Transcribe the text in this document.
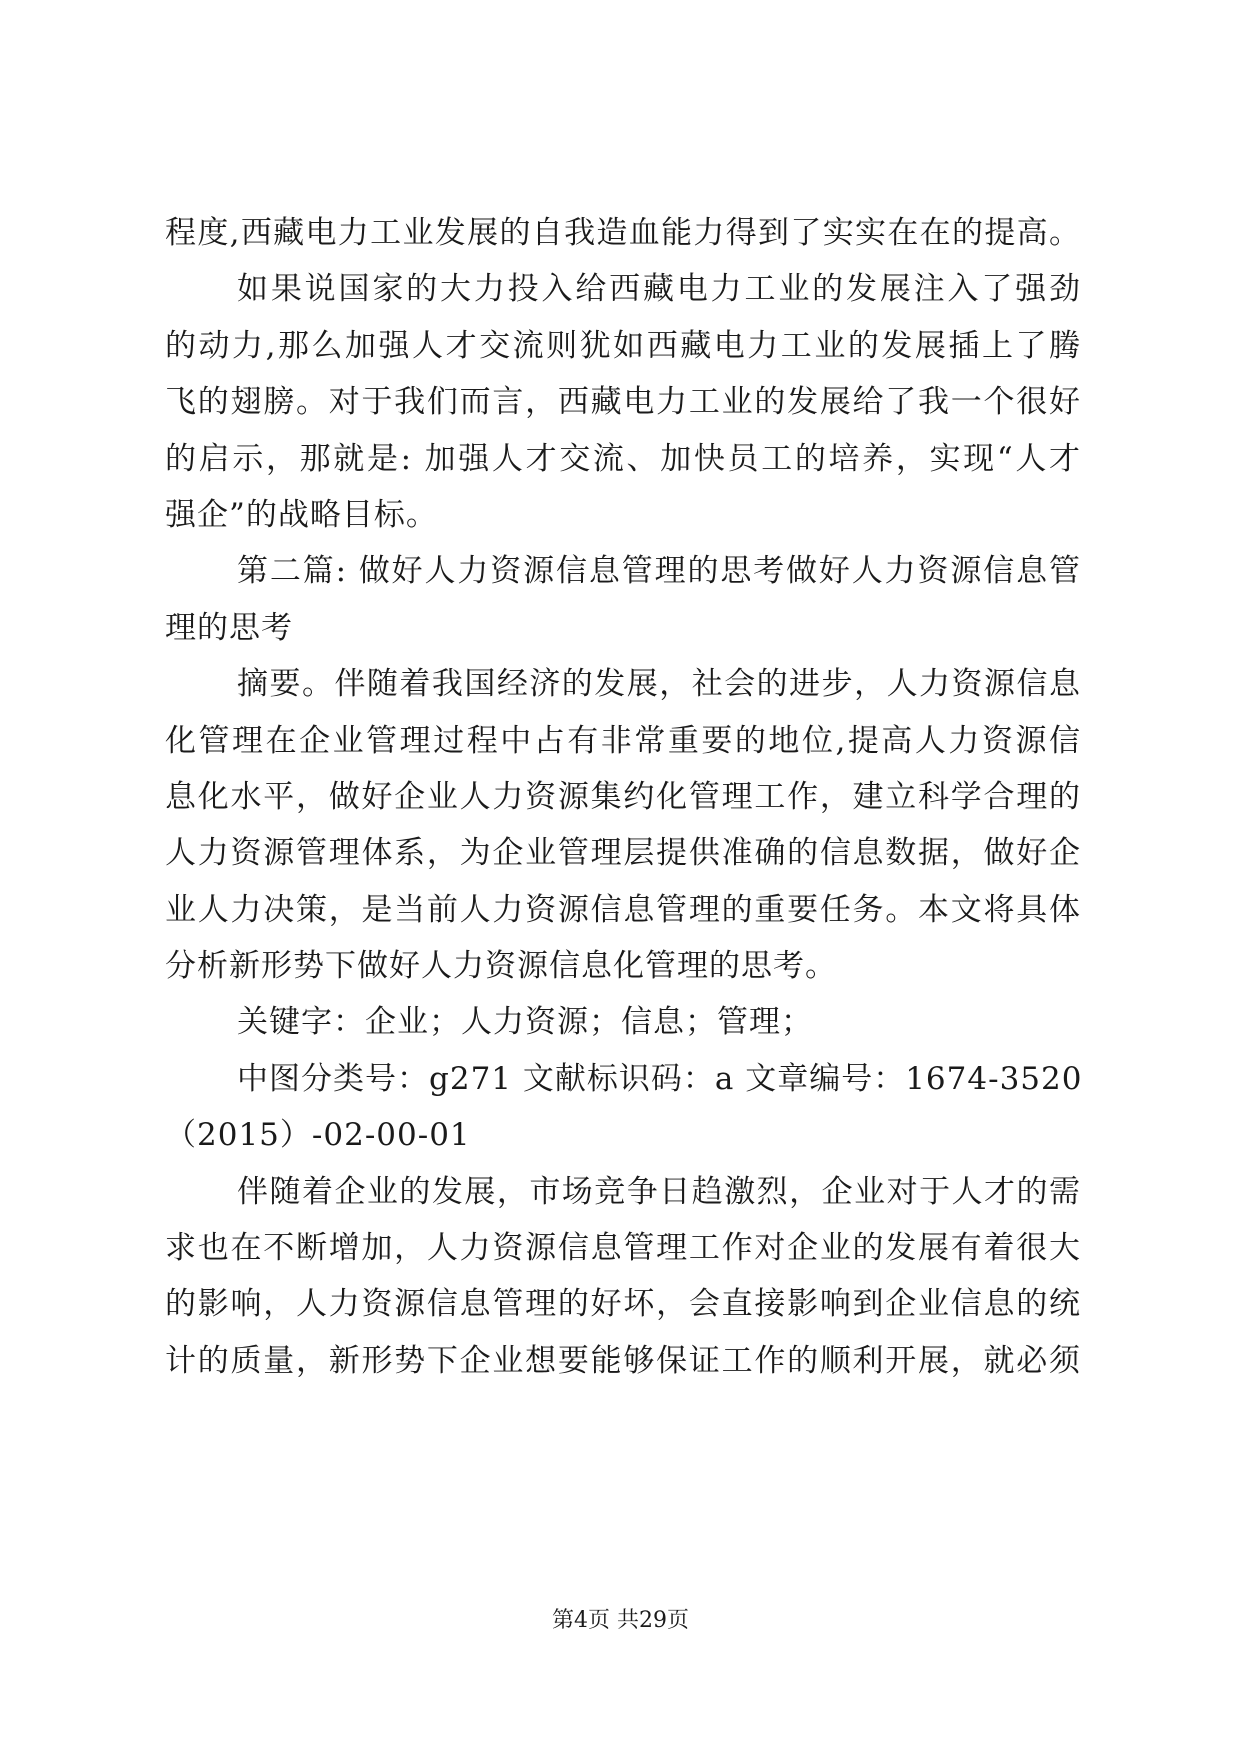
程度,西藏电力工业发展的自我造血能力得到了实实在在的提高。
如果说国家的大力投入给西藏电力工业的发展注入了强劲
的动力,那么加强人才交流则犹如西藏电力工业的发展插上了腾
飞的翅膀。对于我们而言，西藏电力工业的发展给了我一个很好
的启示，那就是: 加强人才交流、加快员工的培养，实现“人才
强企”的战略目标。
第二篇: 做好人力资源信息管理的思考做好人力资源信息管
理的思考
摘要。伴随着我国经济的发展，社会的进步，人力资源信息
化管理在企业管理过程中占有非常重要的地位,提高人力资源信
息化水平，做好企业人力资源集约化管理工作，建立科学合理的
人力资源管理体系，为企业管理层提供准确的信息数据，做好企
业人力决策，是当前人力资源信息管理的重要任务。本文将具体
分析新形势下做好人力资源信息化管理的思考。
关键字：企业；人力资源；信息；管理；
中图分类号：g271 文献标识码：a 文章编号：1674-3520
（2015）-02-00-01
伴随着企业的发展，市场竞争日趋激烈，企业对于人才的需
求也在不断增加，人力资源信息管理工作对企业的发展有着很大
的影响，人力资源信息管理的好坏，会直接影响到企业信息的统
计的质量，新形势下企业想要能够保证工作的顺利开展，就必须
第4页 共29页
